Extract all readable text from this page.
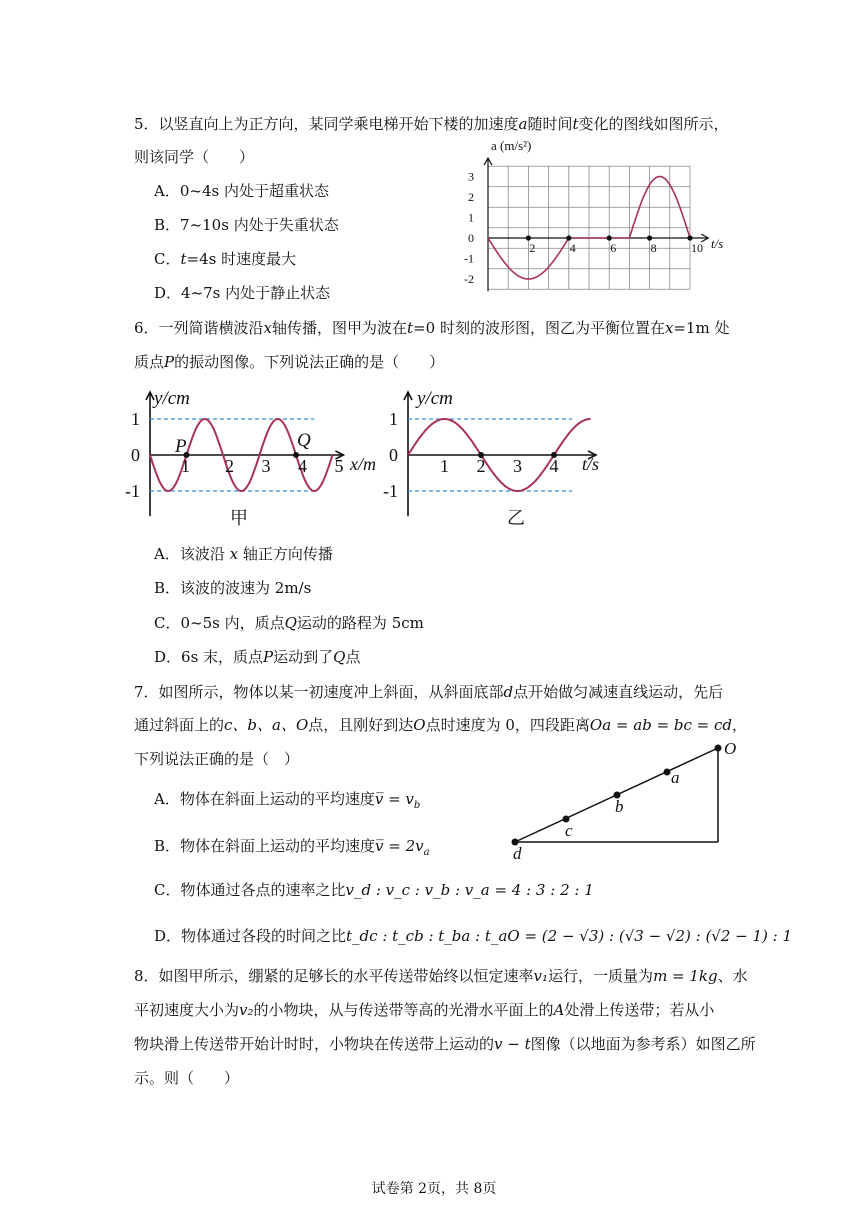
5．以竖直向上为正方向，某同学乘电梯开始下楼的加速度a随时间t变化的图线如图所示，
则该同学（　　）
A．0~4s 内处于超重状态
B．7~10s 内处于失重状态
C．t=4s 时速度最大
D．4~7s 内处于静止状态
a (m/s²)
t/s
3
2
1
0
-1
-2
2	4	6	8	10
6．一列简谐横波沿x轴传播，图甲为波在t=0 时刻的波形图，图乙为平衡位置在x=1m 处
质点P的振动图像。下列说法正确的是（　　）
1
0
-1
1 2 3 4 5
1
0
-1
1 2 3 4
y/cm
x/m
P	Q
甲
y/cm
t/s
乙
A．该波沿 x 轴正方向传播
B．该波的波速为 2m/s
C．0~5s 内，质点Q运动的路程为 5cm
D．6s 末，质点P运动到了Q点
7．如图所示，物体以某一初速度冲上斜面，从斜面底部d点开始做匀减速直线运动，先后
通过斜面上的c、b、a、O点，且刚好到达O点时速度为 0，四段距离Oa = ab = bc = cd，
下列说法正确的是（　）
A．物体在斜面上运动的平均速度v̅ = $v_b$
B．物体在斜面上运动的平均速度v̅ = $2v_a$
C．物体通过各点的速率之比v_d : v_c : v_b : v_a = 4 : 3 : 2 : 1
D．物体通过各段的时间之比t_dc : t_cb : t_ba : t_aO = (2 − √3) : (√3 − √2) : (√2 − 1) : 1
O
a
b
c
d
8．如图甲所示，绷紧的足够长的水平传送带始终以恒定速率v₁运行，一质量为m = 1kg、水
平初速度大小为v₂的小物块，从与传送带等高的光滑水平面上的A处滑上传送带；若从小
物块滑上传送带开始计时时，小物块在传送带上运动的v − t图像（以地面为参考系）如图乙所
示。则（　　）
试卷第 2页，共 8页
